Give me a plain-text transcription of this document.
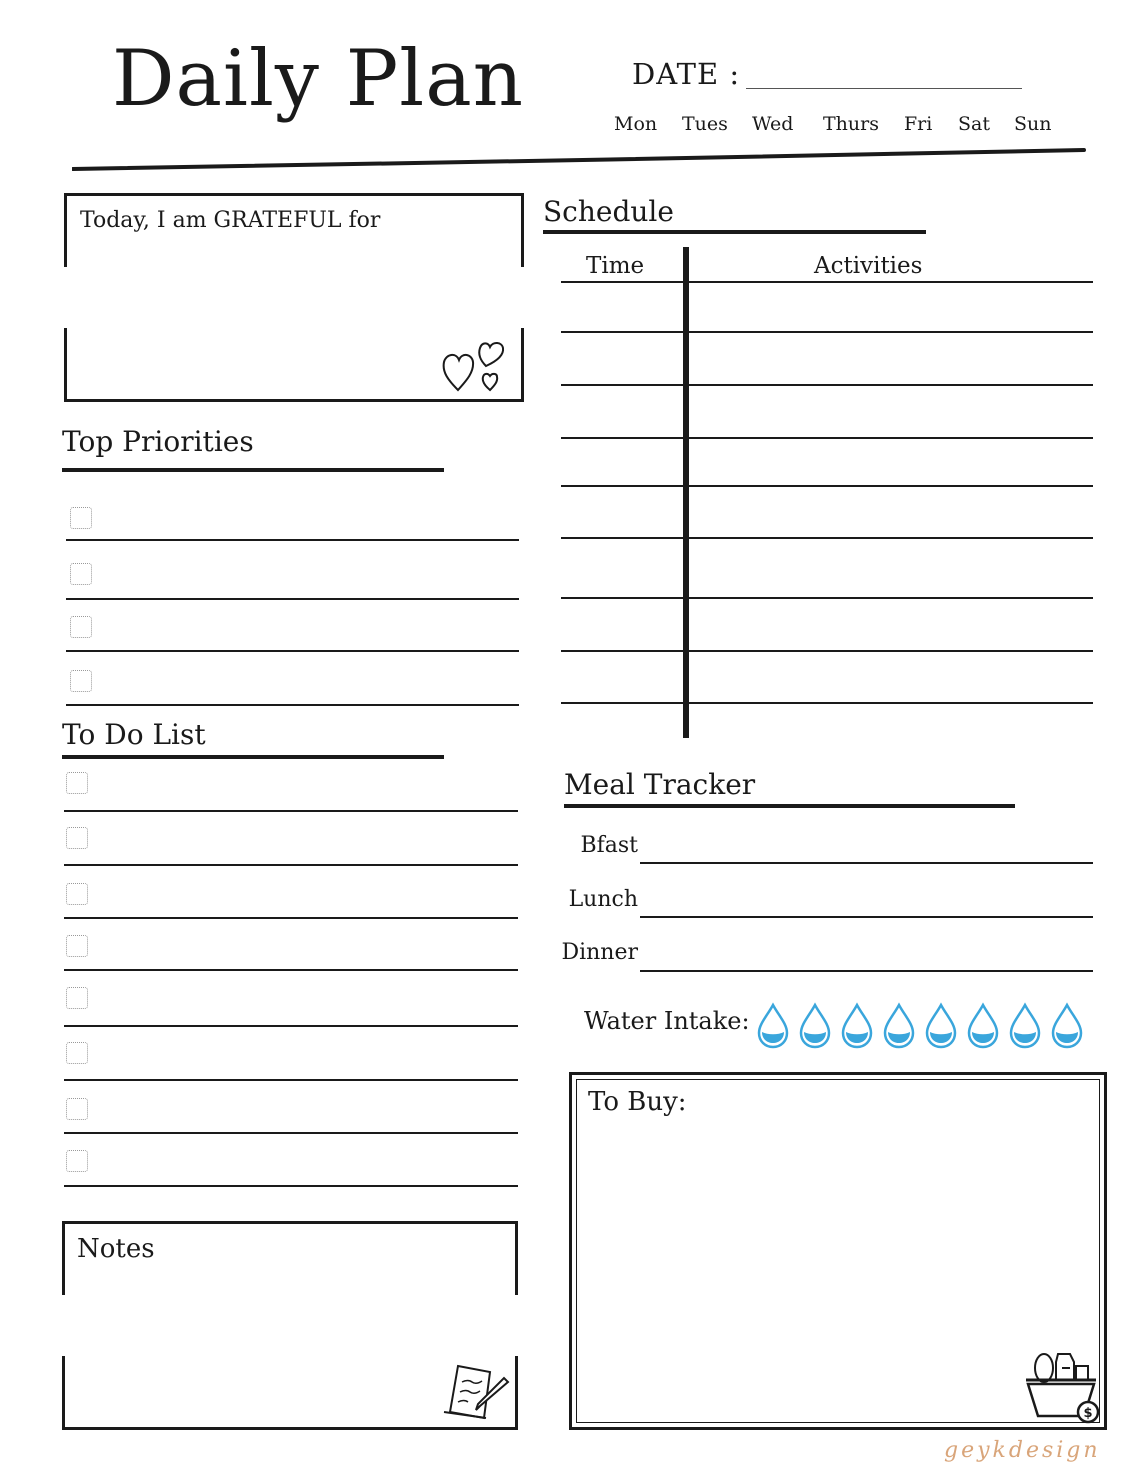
Daily Plan	DATE :
Mon Tues Wed Thurs Fri Sat Sun
Today, I am GRATEFUL for
Top Priorities
To Do List
Notes
Schedule
Time	Activities
Meal Tracker
Bfast
Lunch
Dinner
Water Intake:
To Buy:
$
geykdesign
